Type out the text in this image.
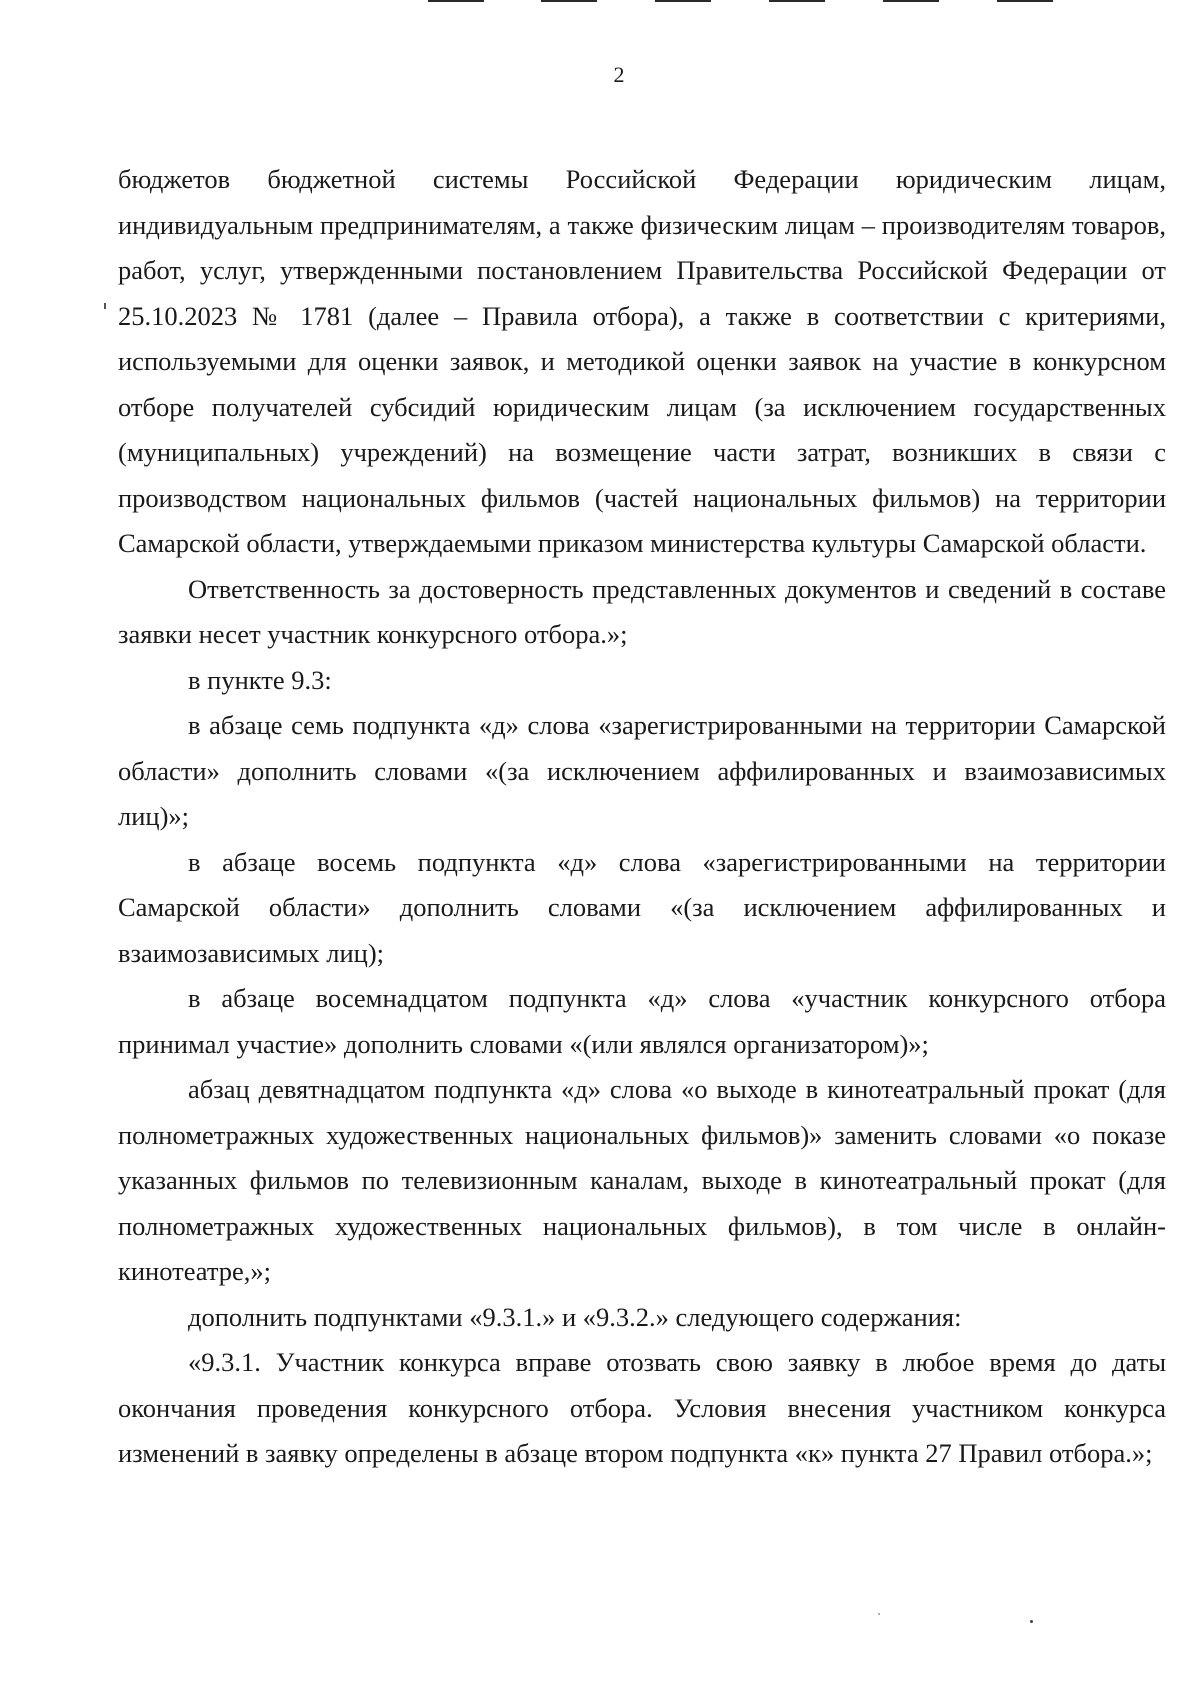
2

бюджетов бюджетной системы Российской Федерации юридическим лицам, индивидуальным предпринимателям, а также физическим лицам – производителям товаров, работ, услуг, утвержденными постановлением Правительства Российской Федерации от 25.10.2023 № 1781 (далее – Правила отбора), а также в соответствии с критериями, используемыми для оценки заявок, и методикой оценки заявок на участие в конкурсном отборе получателей субсидий юридическим лицам (за исключением государственных (муниципальных) учреждений) на возмещение части затрат, возникших в связи с производством национальных фильмов (частей национальных фильмов) на территории Самарской области, утверждаемыми приказом министерства культуры Самарской области.

Ответственность за достоверность представленных документов и сведений в составе заявки несет участник конкурсного отбора.»;

в пункте 9.3:

в абзаце семь подпункта «д» слова «зарегистрированными на территории Самарской области» дополнить словами «(за исключением аффилированных и взаимозависимых лиц)»;

в абзаце восемь подпункта «д» слова «зарегистрированными на территории Самарской области» дополнить словами «(за исключением аффилированных и взаимозависимых лиц);

в абзаце восемнадцатом подпункта «д» слова «участник конкурсного отбора принимал участие» дополнить словами «(или являлся организатором)»;

абзац девятнадцатом подпункта «д» слова «о выходе в кинотеатральный прокат (для полнометражных художественных национальных фильмов)» заменить словами «о показе указанных фильмов по телевизионным каналам, выходе в кинотеатральный прокат (для полнометражных художественных национальных фильмов), в том числе в онлайн-кинотеатре,»;

дополнить подпунктами «9.3.1.» и «9.3.2.» следующего содержания:

«9.3.1. Участник конкурса вправе отозвать свою заявку в любое время до даты окончания проведения конкурсного отбора. Условия внесения участником конкурса изменений в заявку определены в абзаце втором подпункта «к» пункта 27 Правил отбора.»;
